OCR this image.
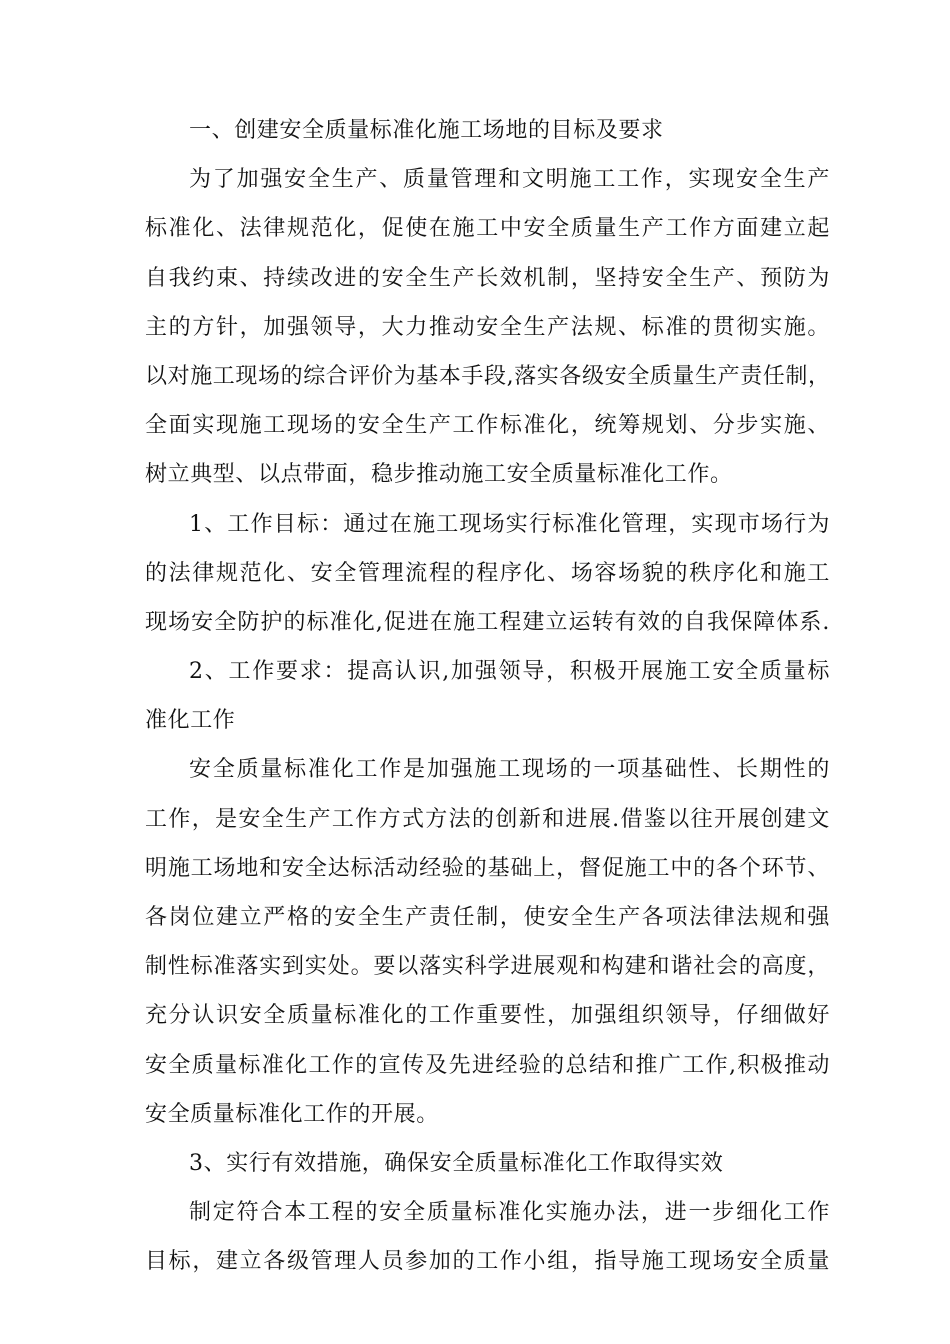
一、创建安全质量标准化施工场地的目标及要求
为了加强安全生产、质量管理和文明施工工作，实现安全生产
标准化、法律规范化，促使在施工中安全质量生产工作方面建立起
自我约束、持续改进的安全生产长效机制，坚持安全生产、预防为
主的方针，加强领导，大力推动安全生产法规、标准的贯彻实施。
以对施工现场的综合评价为基本手段,落实各级安全质量生产责任制，
全面实现施工现场的安全生产工作标准化，统筹规划、分步实施、
树立典型、以点带面，稳步推动施工安全质量标准化工作。
1、工作目标：通过在施工现场实行标准化管理，实现市场行为
的法律规范化、安全管理流程的程序化、场容场貌的秩序化和施工
现场安全防护的标准化,促进在施工程建立运转有效的自我保障体系.
2、工作要求：提高认识,加强领导，积极开展施工安全质量标
准化工作
安全质量标准化工作是加强施工现场的一项基础性、长期性的
工作，是安全生产工作方式方法的创新和进展.借鉴以往开展创建文
明施工场地和安全达标活动经验的基础上，督促施工中的各个环节、
各岗位建立严格的安全生产责任制，使安全生产各项法律法规和强
制性标准落实到实处。要以落实科学进展观和构建和谐社会的高度，
充分认识安全质量标准化的工作重要性，加强组织领导，仔细做好
安全质量标准化工作的宣传及先进经验的总结和推广工作,积极推动
安全质量标准化工作的开展。
3、实行有效措施，确保安全质量标准化工作取得实效
制定符合本工程的安全质量标准化实施办法，进一步细化工作
目标，建立各级管理人员参加的工作小组，指导施工现场安全质量
